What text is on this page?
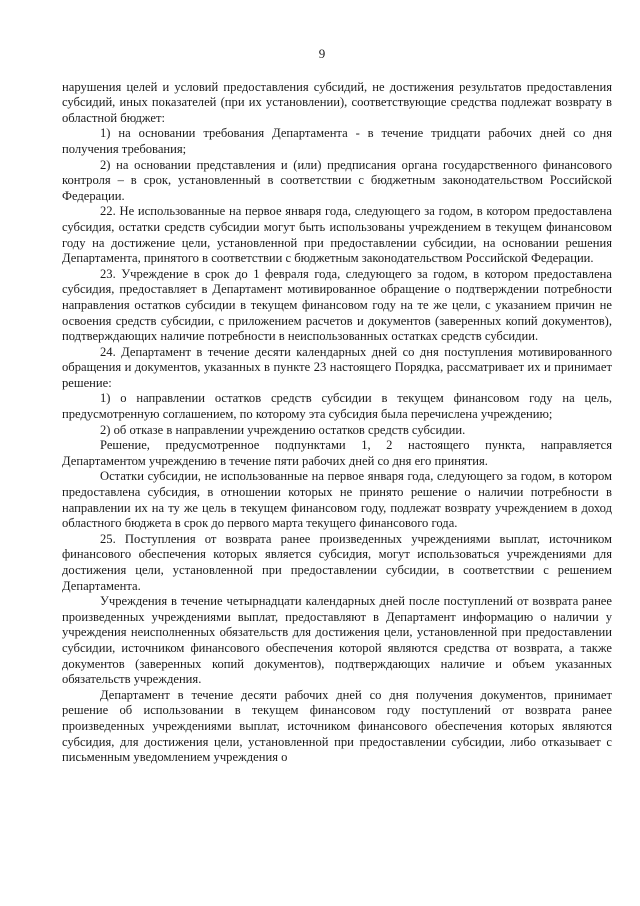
9

нарушения целей и условий предоставления субсидий, не достижения результатов предоставления субсидий, иных показателей (при их установлении), соответствующие средства подлежат возврату в областной бюджет:

1) на основании требования Департамента - в течение тридцати рабочих дней со дня получения требования;

2) на основании представления и (или) предписания органа государственного финансового контроля – в срок, установленный в соответствии с бюджетным законодательством Российской Федерации.

22. Не использованные на первое января года, следующего за годом, в котором предоставлена субсидия, остатки средств субсидии могут быть использованы учреждением в текущем финансовом году на достижение цели, установленной при предоставлении субсидии, на основании решения Департамента, принятого в соответствии с бюджетным законодательством Российской Федерации.

23. Учреждение в срок до 1 февраля года, следующего за годом, в котором предоставлена субсидия, предоставляет в Департамент мотивированное обращение о подтверждении потребности направления остатков субсидии в текущем финансовом году на те же цели, с указанием причин не освоения средств субсидии, с приложением расчетов и документов (заверенных копий документов), подтверждающих наличие потребности в неиспользованных остатках средств субсидии.

24. Департамент в течение десяти календарных дней со дня поступления мотивированного обращения и документов, указанных в пункте 23 настоящего Порядка, рассматривает их и принимает решение:

1) о направлении остатков средств субсидии в текущем финансовом году на цель, предусмотренную соглашением, по которому эта субсидия была перечислена учреждению;

2) об отказе в направлении учреждению остатков средств субсидии.

Решение, предусмотренное подпунктами 1, 2 настоящего пункта, направляется Департаментом учреждению в течение пяти рабочих дней со дня его принятия.

Остатки субсидии, не использованные на первое января года, следующего за годом, в котором предоставлена субсидия, в отношении которых не принято решение о наличии потребности в направлении их на ту же цель в текущем финансовом году, подлежат возврату учреждением в доход областного бюджета в срок до первого марта текущего финансового года.

25. Поступления от возврата ранее произведенных учреждениями выплат, источником финансового обеспечения которых является субсидия, могут использоваться учреждениями для достижения цели, установленной при предоставлении субсидии, в соответствии с решением Департамента.

Учреждения в течение четырнадцати календарных дней после поступлений от возврата ранее произведенных учреждениями выплат, предоставляют в Департамент информацию о наличии у учреждения неисполненных обязательств для достижения цели, установленной при предоставлении субсидии, источником финансового обеспечения которой являются средства от возврата, а также документов (заверенных копий документов), подтверждающих наличие и объем указанных обязательств учреждения.

Департамент в течение десяти рабочих дней со дня получения документов, принимает решение об использовании в текущем финансовом году поступлений от возврата ранее произведенных учреждениями выплат, источником финансового обеспечения которых являются субсидия, для достижения цели, установленной при предоставлении субсидии, либо отказывает с письменным уведомлением учреждения о
